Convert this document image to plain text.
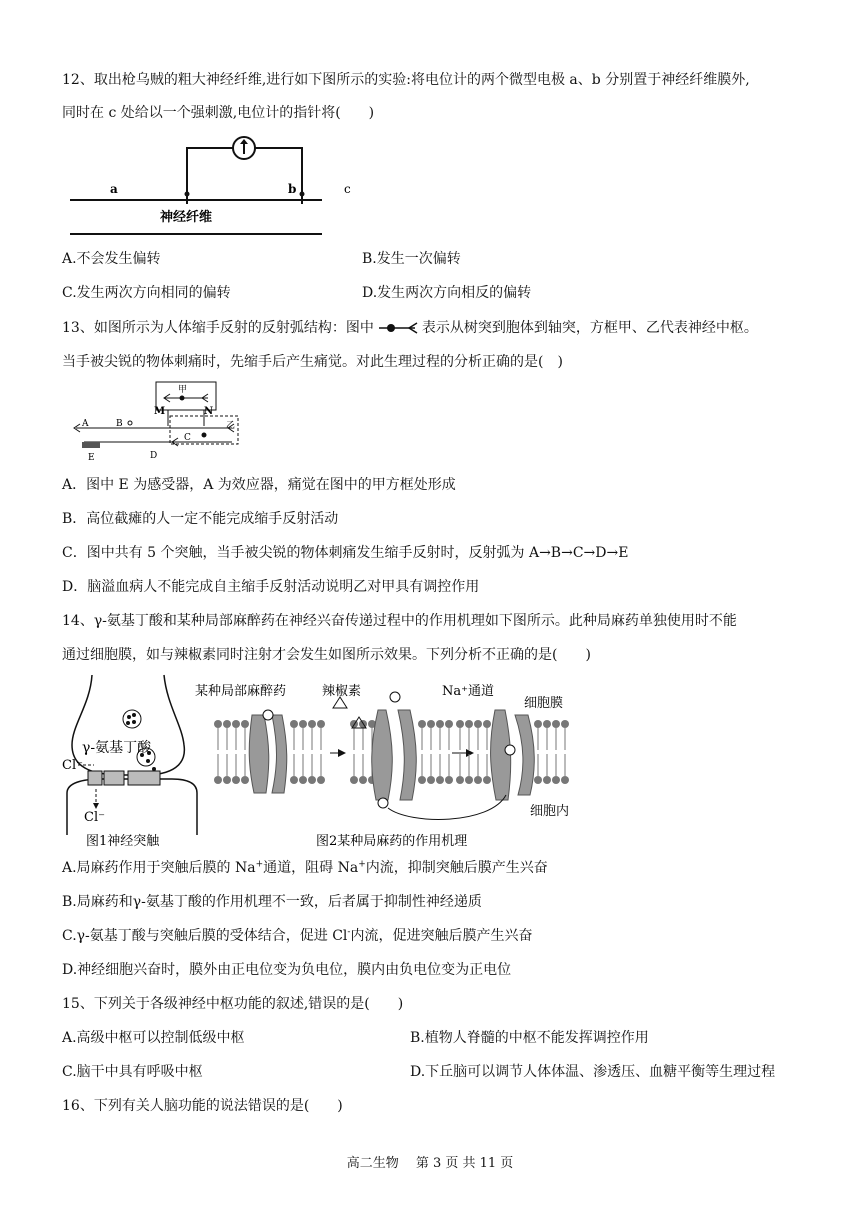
12、取出枪乌贼的粗大神经纤维,进行如下图所示的实验:将电位计的两个微型电极 a、b 分别置于神经纤维膜外,
同时在 c 处给以一个强刺激,电位计的指针将(　　)
a	b	c
神经纤维
A.不会发生偏转	B.发生一次偏转
C.发生两次方向相同的偏转	D.发生两次方向相反的偏转
13、如图所示为人体缩手反射的反射弧结构：图中	表示从树突到胞体到轴突，方框甲、乙代表神经中枢。
当手被尖锐的物体刺痛时，先缩手后产生痛觉。对此生理过程的分析正确的是(　)
甲
M	N
乙
A	B
C
E	D
A．图中 E 为感受器，A 为效应器，痛觉在图中的甲方框处形成
B．高位截瘫的人一定不能完成缩手反射活动
C．图中共有 5 个突触，当手被尖锐的物体刺痛发生缩手反射时，反射弧为 A→B→C→D→E
D．脑溢血病人不能完成自主缩手反射活动说明乙对甲具有调控作用
14、γ-氨基丁酸和某种局部麻醉药在神经兴奋传递过程中的作用机理如下图所示。此种局麻药单独使用时不能
通过细胞膜，如与辣椒素同时注射才会发生如图所示效果。下列分析不正确的是(　　)
γ-氨基丁酸
Cl⁻
Cl⁻
图1神经突触
某种局部麻醉药	辣椒素	Na⁺通道
细胞膜
细胞内
图2某种局麻药的作用机理
A.局麻药作用于突触后膜的 Na+通道，阻碍 Na+内流，抑制突触后膜产生兴奋
B.局麻药和γ-氨基丁酸的作用机理不一致，后者属于抑制性神经递质
C.γ-氨基丁酸与突触后膜的受体结合，促进 Cl-内流，促进突触后膜产生兴奋
D.神经细胞兴奋时，膜外由正电位变为负电位，膜内由负电位变为正电位
15、下列关于各级神经中枢功能的叙述,错误的是(　　)
A.高级中枢可以控制低级中枢	B.植物人脊髓的中枢不能发挥调控作用
C.脑干中具有呼吸中枢	D.下丘脑可以调节人体体温、渗透压、血糖平衡等生理过程
16、下列有关人脑功能的说法错误的是(　　)
高二生物　 第 3 页 共 11 页
